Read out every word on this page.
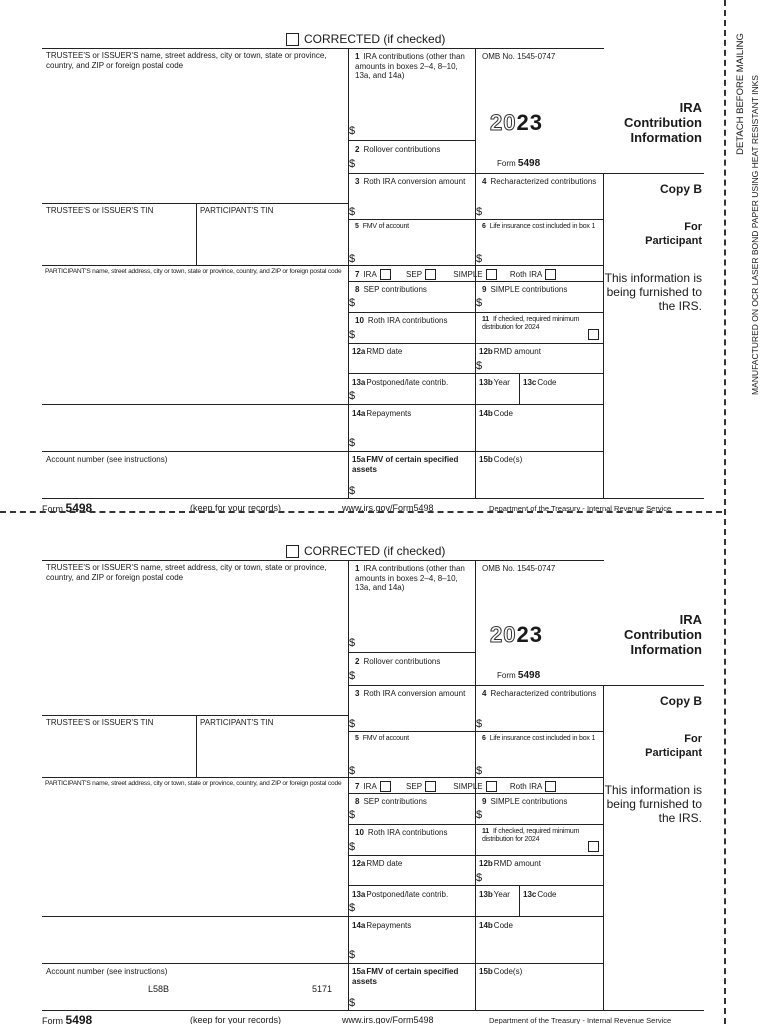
CORRECTED (if checked)
TRUSTEE'S or ISSUER'S name, street address, city or town, state or province, country, and ZIP or foreign postal code
TRUSTEE'S or ISSUER'S TIN	PARTICIPANT'S TIN
PARTICIPANT'S name, street address, city or town, state or province, country, and ZIP or foreign postal code
Account number (see instructions)
1 IRA contributions (other than amounts in boxes 2–4, 8–10, 13a, and 14a)
$
2 Rollover contributions
$
OMB No. 1545-0747
2023
Form 5498
IRA
Contribution
Information
3 Roth IRA conversion amount
$
4 Recharacterized contributions
$
Copy B
5 FMV of account
$
6 Life insurance cost included in box 1
$
For
Participant
7 IRA	SEP	SIMPLE	Roth IRA	This information is being furnished to the IRS.
8 SEP contributions
$
9 SIMPLE contributions
$
10 Roth IRA contributions
$
11 If checked, required minimum distribution for 2024
12aRMD date	12bRMD amount
$
13aPostponed/late contrib.
$
13bYear 13cCode
14aRepayments
$
14bCode
15aFMV of certain specified assets
$
15bCode(s)
Form 5498	(keep for your records)	www.irs.gov/Form5498	Department of the Treasury - Internal Revenue Service
CORRECTED (if checked)
TRUSTEE'S or ISSUER'S name, street address, city or town, state or province, country, and ZIP or foreign postal code
TRUSTEE'S or ISSUER'S TIN	PARTICIPANT'S TIN
PARTICIPANT'S name, street address, city or town, state or province, country, and ZIP or foreign postal code
Account number (see instructions)
1 IRA contributions (other than amounts in boxes 2–4, 8–10, 13a, and 14a)
$
2 Rollover contributions
$
OMB No. 1545-0747
2023
Form 5498
IRA
Contribution
Information
3 Roth IRA conversion amount
$
4 Recharacterized contributions
$
Copy B
5 FMV of account
$
6 Life insurance cost included in box 1
$
For
Participant
7 IRA	SEP	SIMPLE	Roth IRA	This information is being furnished to the IRS.
8 SEP contributions
$
9 SIMPLE contributions
$
10 Roth IRA contributions
$
11 If checked, required minimum distribution for 2024
12aRMD date	12bRMD amount
$
13aPostponed/late contrib.
$
13bYear 13cCode
14aRepayments
$
14bCode
15aFMV of certain specified assets
$
15bCode(s)
Form 5498	(keep for your records)	www.irs.gov/Form5498	Department of the Treasury - Internal Revenue Service
L58B	5171
DETACH BEFORE MAILING MANUFACTURED ON OCR LASER BOND PAPER USING HEAT RESISTANT INKS
